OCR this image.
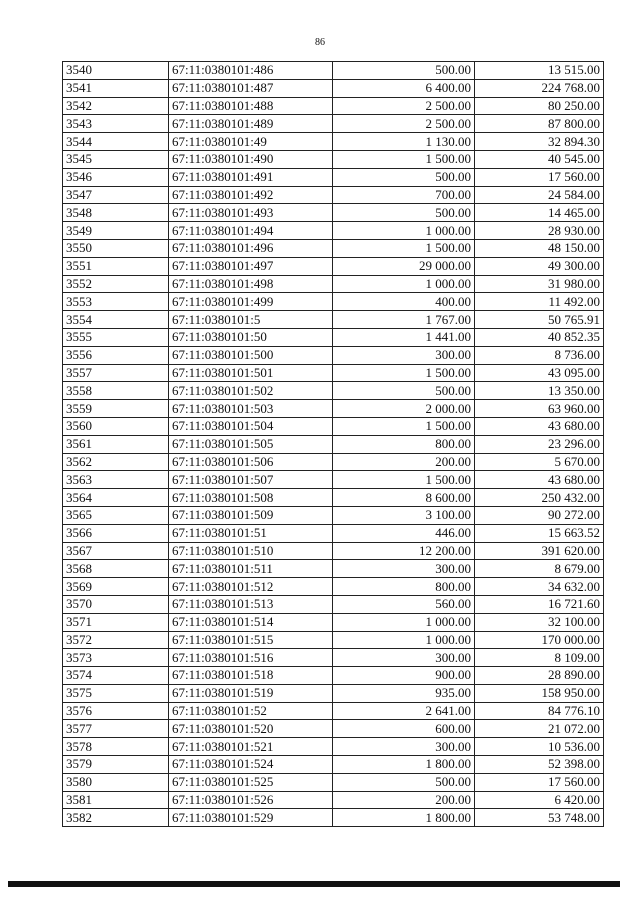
86
3540	67:11:0380101:486	500.00	13 515.00
3541	67:11:0380101:487	6 400.00	224 768.00
3542	67:11:0380101:488	2 500.00	80 250.00
3543	67:11:0380101:489	2 500.00	87 800.00
3544	67:11:0380101:49	1 130.00	32 894.30
3545	67:11:0380101:490	1 500.00	40 545.00
3546	67:11:0380101:491	500.00	17 560.00
3547	67:11:0380101:492	700.00	24 584.00
3548	67:11:0380101:493	500.00	14 465.00
3549	67:11:0380101:494	1 000.00	28 930.00
3550	67:11:0380101:496	1 500.00	48 150.00
3551	67:11:0380101:497	29 000.00	49 300.00
3552	67:11:0380101:498	1 000.00	31 980.00
3553	67:11:0380101:499	400.00	11 492.00
3554	67:11:0380101:5	1 767.00	50 765.91
3555	67:11:0380101:50	1 441.00	40 852.35
3556	67:11:0380101:500	300.00	8 736.00
3557	67:11:0380101:501	1 500.00	43 095.00
3558	67:11:0380101:502	500.00	13 350.00
3559	67:11:0380101:503	2 000.00	63 960.00
3560	67:11:0380101:504	1 500.00	43 680.00
3561	67:11:0380101:505	800.00	23 296.00
3562	67:11:0380101:506	200.00	5 670.00
3563	67:11:0380101:507	1 500.00	43 680.00
3564	67:11:0380101:508	8 600.00	250 432.00
3565	67:11:0380101:509	3 100.00	90 272.00
3566	67:11:0380101:51	446.00	15 663.52
3567	67:11:0380101:510	12 200.00	391 620.00
3568	67:11:0380101:511	300.00	8 679.00
3569	67:11:0380101:512	800.00	34 632.00
3570	67:11:0380101:513	560.00	16 721.60
3571	67:11:0380101:514	1 000.00	32 100.00
3572	67:11:0380101:515	1 000.00	170 000.00
3573	67:11:0380101:516	300.00	8 109.00
3574	67:11:0380101:518	900.00	28 890.00
3575	67:11:0380101:519	935.00	158 950.00
3576	67:11:0380101:52	2 641.00	84 776.10
3577	67:11:0380101:520	600.00	21 072.00
3578	67:11:0380101:521	300.00	10 536.00
3579	67:11:0380101:524	1 800.00	52 398.00
3580	67:11:0380101:525	500.00	17 560.00
3581	67:11:0380101:526	200.00	6 420.00
3582	67:11:0380101:529	1 800.00	53 748.00
